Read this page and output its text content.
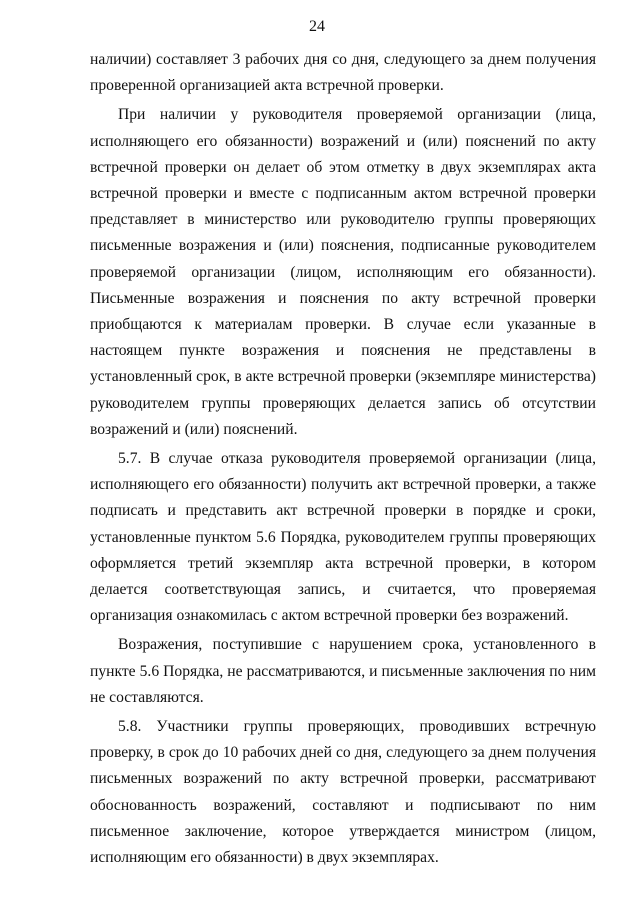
24

наличии) составляет 3 рабочих дня со дня, следующего за днем получения проверенной организацией акта встречной проверки.

При наличии у руководителя проверяемой организации (лица, исполняющего его обязанности) возражений и (или) пояснений по акту встречной проверки он делает об этом отметку в двух экземплярах акта встречной проверки и вместе с подписанным актом встречной проверки представляет в министерство или руководителю группы проверяющих письменные возражения и (или) пояснения, подписанные руководителем проверяемой организации (лицом, исполняющим его обязанности). Письменные возражения и пояснения по акту встречной проверки приобщаются к материалам проверки. В случае если указанные в настоящем пункте возражения и пояснения не представлены в установленный срок, в акте встречной проверки (экземпляре министерства) руководителем группы проверяющих делается запись об отсутствии возражений и (или) пояснений.

5.7. В случае отказа руководителя проверяемой организации (лица, исполняющего его обязанности) получить акт встречной проверки, а также подписать и представить акт встречной проверки в порядке и сроки, установленные пунктом 5.6 Порядка, руководителем группы проверяющих оформляется третий экземпляр акта встречной проверки, в котором делается соответствующая запись, и считается, что проверяемая организация ознакомилась с актом встречной проверки без возражений.

Возражения, поступившие с нарушением срока, установленного в пункте 5.6 Порядка, не рассматриваются, и письменные заключения по ним не составляются.

5.8. Участники группы проверяющих, проводивших встречную проверку, в срок до 10 рабочих дней со дня, следующего за днем получения письменных возражений по акту встречной проверки, рассматривают обоснованность возражений, составляют и подписывают по ним письменное заключение, которое утверждается министром (лицом, исполняющим его обязанности) в двух экземплярах.
